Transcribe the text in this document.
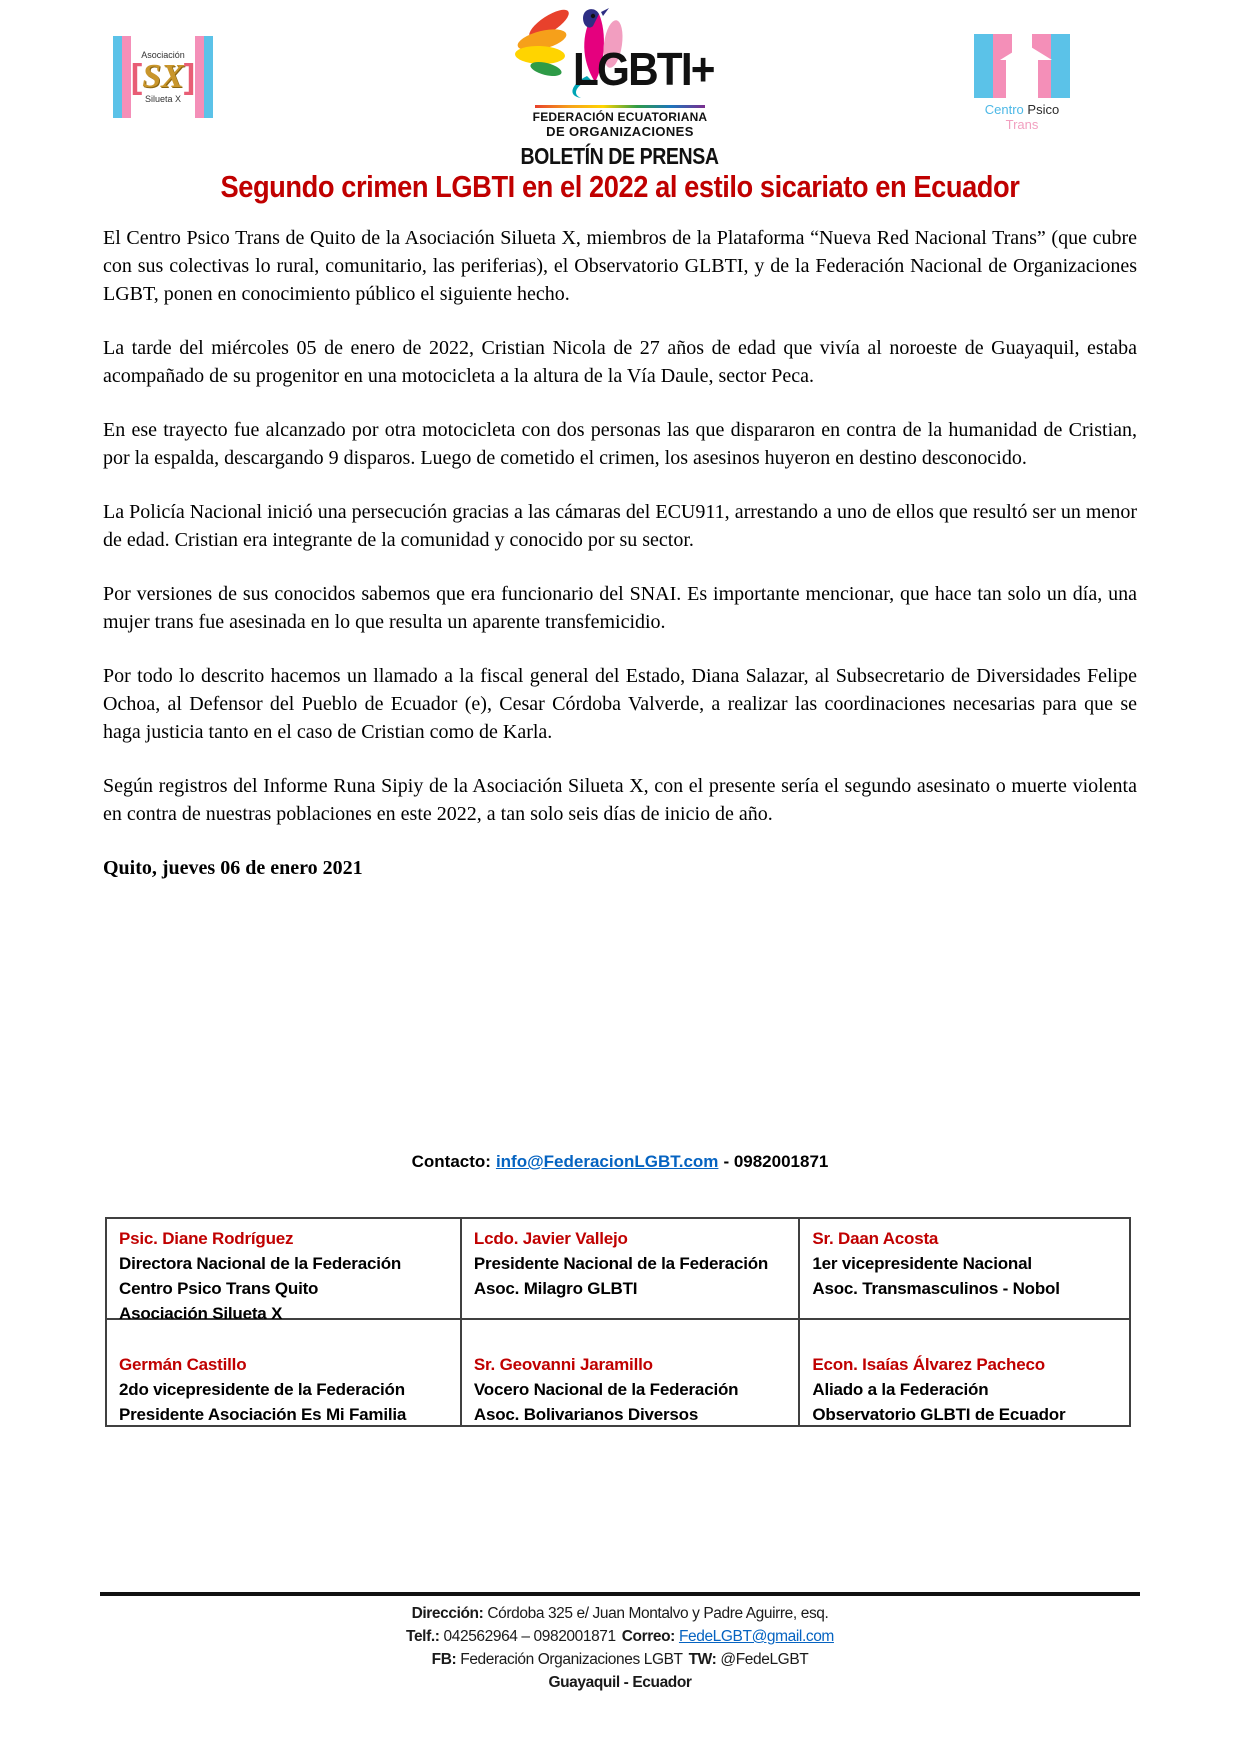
Asociación
[ SX ]
Silueta X
LGBTI+
FEDERACIÓN ECUATORIANA
DE ORGANIZACIONES
Centro Psico Trans
BOLETÍN DE PRENSA
Segundo crimen LGBTI en el 2022 al estilo sicariato en Ecuador

El Centro Psico Trans de Quito de la Asociación Silueta X, miembros de la Plataforma “Nueva Red Nacional Trans” (que cubre con sus colectivas lo rural, comunitario, las periferias), el Observatorio GLBTI, y de la Federación Nacional de Organizaciones LGBT, ponen en conocimiento público el siguiente hecho.

La tarde del miércoles 05 de enero de 2022, Cristian Nicola de 27 años de edad que vivía al noroeste de Guayaquil, estaba acompañado de su progenitor en una motocicleta a la altura de la Vía Daule, sector Peca.

En ese trayecto fue alcanzado por otra motocicleta con dos personas las que dispararon en contra de la humanidad de Cristian, por la espalda, descargando 9 disparos. Luego de cometido el crimen, los asesinos huyeron en destino desconocido.

La Policía Nacional inició una persecución gracias a las cámaras del ECU911, arrestando a uno de ellos que resultó ser un menor de edad. Cristian era integrante de la comunidad y conocido por su sector.

Por versiones de sus conocidos sabemos que era funcionario del SNAI. Es importante mencionar, que hace tan solo un día, una mujer trans fue asesinada en lo que resulta un aparente transfemicidio.

Por todo lo descrito hacemos un llamado a la fiscal general del Estado, Diana Salazar, al Subsecretario de Diversidades Felipe Ochoa, al Defensor del Pueblo de Ecuador (e), Cesar Córdoba Valverde, a realizar las coordinaciones necesarias para que se haga justicia tanto en el caso de Cristian como de Karla.

Según registros del Informe Runa Sipiy de la Asociación Silueta X, con el presente sería el segundo asesinato o muerte violenta en contra de nuestras poblaciones en este 2022, a tan solo seis días de inicio de año.

Quito, jueves 06 de enero 2021

Contacto: info@FederacionLGBT.com - 0982001871
Psic. Diane Rodríguez
Directora Nacional de la Federación
Centro Psico Trans Quito
Asociación Silueta X
Lcdo. Javier Vallejo
Presidente Nacional de la Federación
Asoc. Milagro GLBTI
Sr. Daan Acosta
1er vicepresidente Nacional
Asoc. Transmasculinos - Nobol
Germán Castillo
2do vicepresidente de la Federación
Presidente Asociación Es Mi Familia
Sr. Geovanni Jaramillo
Vocero Nacional de la Federación
Asoc. Bolivarianos Diversos
Econ. Isaías Álvarez Pacheco
Aliado a la Federación
Observatorio GLBTI de Ecuador
Dirección: Córdoba 325 e/ Juan Montalvo y Padre Aguirre, esq.
Telf.: 042562964 – 0982001871 Correo: FedeLGBT@gmail.com
FB: Federación Organizaciones LGBT TW: @FedeLGBT
Guayaquil - Ecuador
